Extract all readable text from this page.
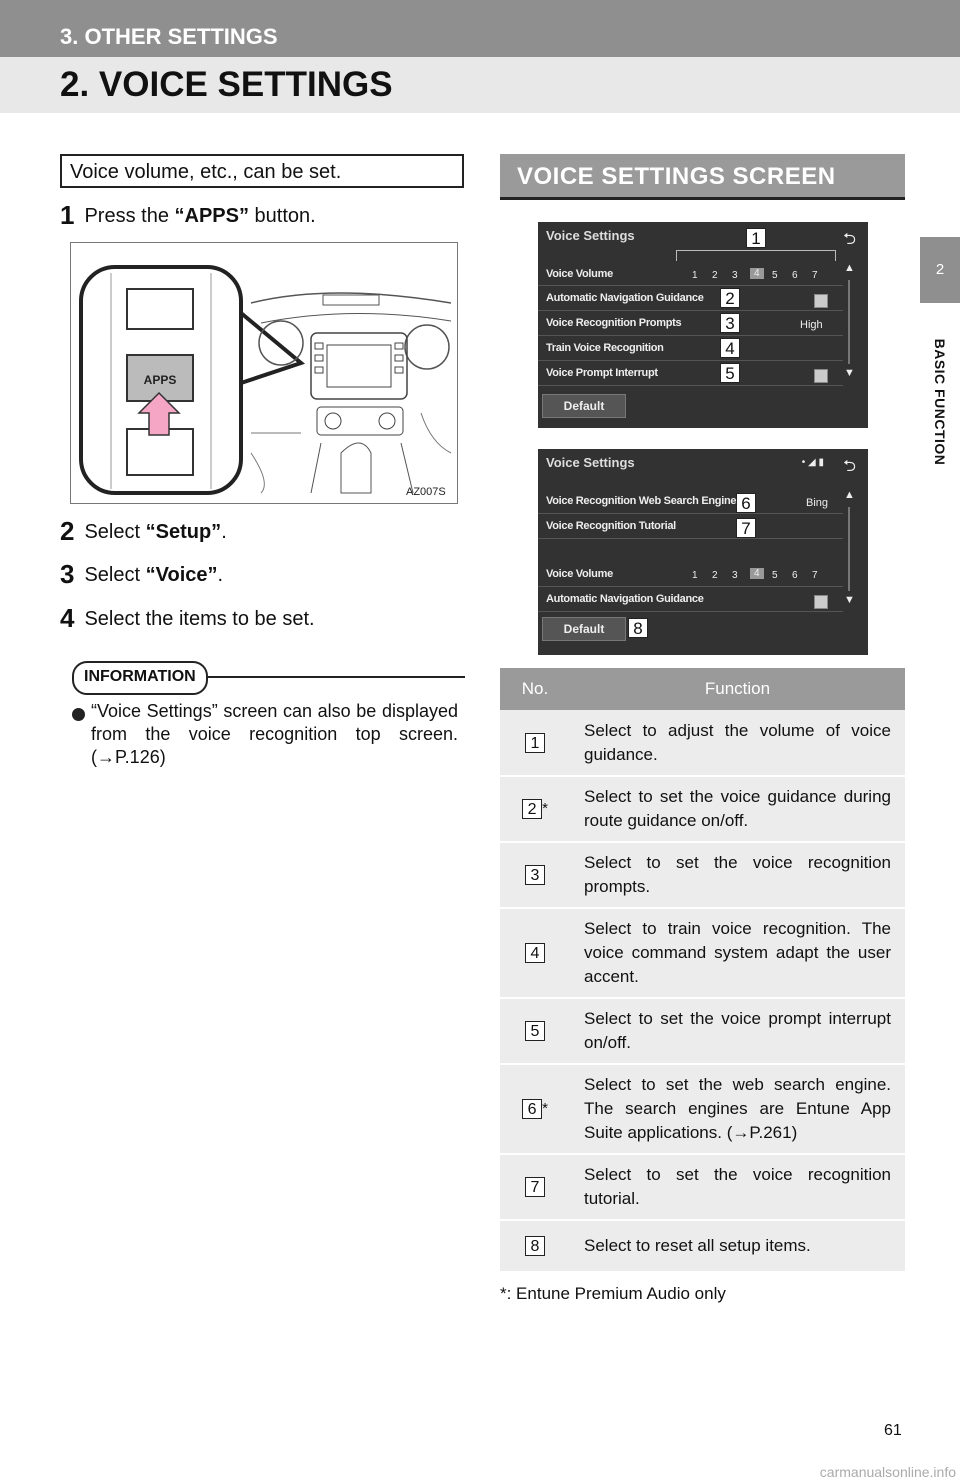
3. OTHER SETTINGS
2. VOICE SETTINGS
2
BASIC FUNCTION
Voice volume, etc., can be set.
1 Press the “APPS” button.
AZ007S
APPS
2 Select “Setup”.
3 Select “Voice”.
4 Select the items to be set.
INFORMATION
“Voice Settings” screen can also be displayed from the voice recognition top screen. (→P.126)
VOICE SETTINGS SCREEN
Voice Settings	⮌
Voice Volume
Automatic Navigation Guidance
Voice Recognition Prompts
Train Voice Recognition
Voice Prompt Interrupt
1 2 3	4	5 6 7
High
▲
▼
Default
1
2
3
4
5
Voice Settings	⮌
• ◢ ▮
Voice Recognition Web Search Engine
Voice Recognition Tutorial
Voice Volume
Automatic Navigation Guidance
Bing
1 2 3	4	5 6 7
▲
▼
Default
6
7
8
No.	Function
1	Select to adjust the volume of voice guidance.
2 *	Select to set the voice guidance during route guidance on/off.
3	Select to set the voice recognition prompts.
4	Select to train voice recognition. The voice command system adapt the user accent.
5	Select to set the voice prompt interrupt on/off.
6 *	Select to set the web search engine. The search engines are Entune App Suite applications. (→P.261)
7	Select to set the voice recognition tutorial.
8	Select to reset all setup items.
*: Entune Premium Audio only
61
carmanualsonline.info
